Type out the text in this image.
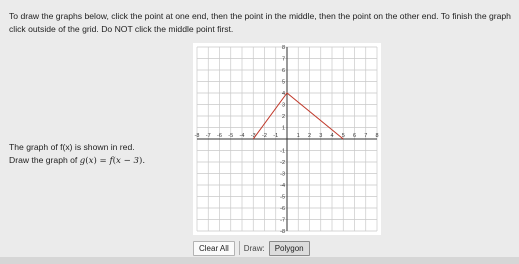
To draw the graphs below, click the point at one end, then the point in the middle, then the point on the other end. To finish the graph click outside of the grid. Do NOT click the middle point first.

The graph of f(x) is shown in red.
Draw the graph of g(x) = f(x − 3).
-8 -7 -6 -5 -4 -3 -2 -1	1 2 3 4 5 6 7 8
8
7
6
5
4
3
2
1
-1
-2
-3
-4
-5
-6
-7
-8
Clear All	Draw:	Polygon
